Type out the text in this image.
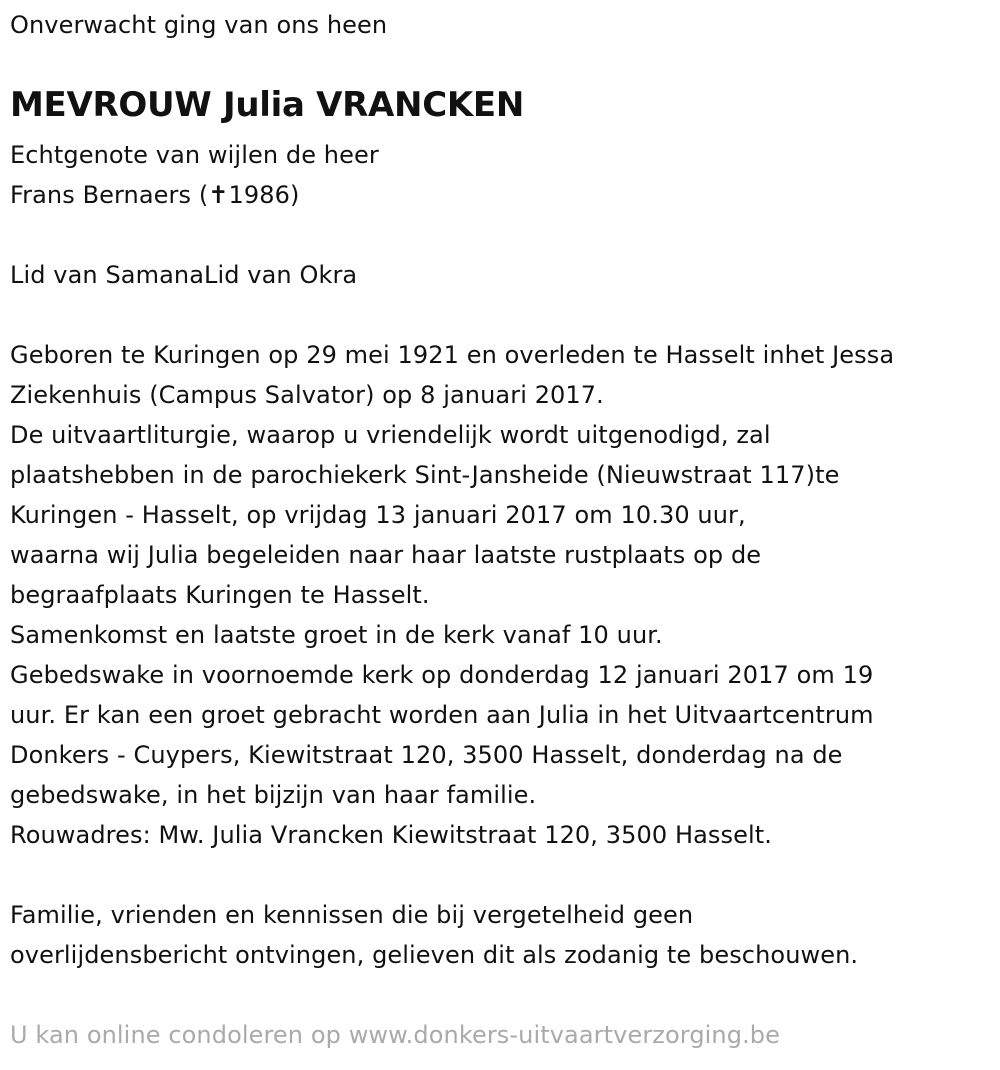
Onverwacht ging van ons heen
MEVROUW Julia VRANCKEN
Echtgenote van wijlen de heer
Frans Bernaers (✝1986)
Lid van SamanaLid van Okra
Geboren te Kuringen op 29 mei 1921 en overleden te Hasselt inhet Jessa
Ziekenhuis (Campus Salvator) op 8 januari 2017.
De uitvaartliturgie, waarop u vriendelijk wordt uitgenodigd, zal
plaatshebben in de parochiekerk Sint-Jansheide (Nieuwstraat 117)te
Kuringen - Hasselt, op vrijdag 13 januari 2017 om 10.30 uur,
waarna wij Julia begeleiden naar haar laatste rustplaats op de
begraafplaats Kuringen te Hasselt.
Samenkomst en laatste groet in de kerk vanaf 10 uur.
Gebedswake in voornoemde kerk op donderdag 12 januari 2017 om 19
uur. Er kan een groet gebracht worden aan Julia in het Uitvaartcentrum
Donkers - Cuypers, Kiewitstraat 120, 3500 Hasselt, donderdag na de
gebedswake, in het bijzijn van haar familie.
Rouwadres: Mw. Julia Vrancken Kiewitstraat 120, 3500 Hasselt.
Familie, vrienden en kennissen die bij vergetelheid geen
overlijdensbericht ontvingen, gelieven dit als zodanig te beschouwen.
U kan online condoleren op www.donkers-uitvaartverzorging.be
